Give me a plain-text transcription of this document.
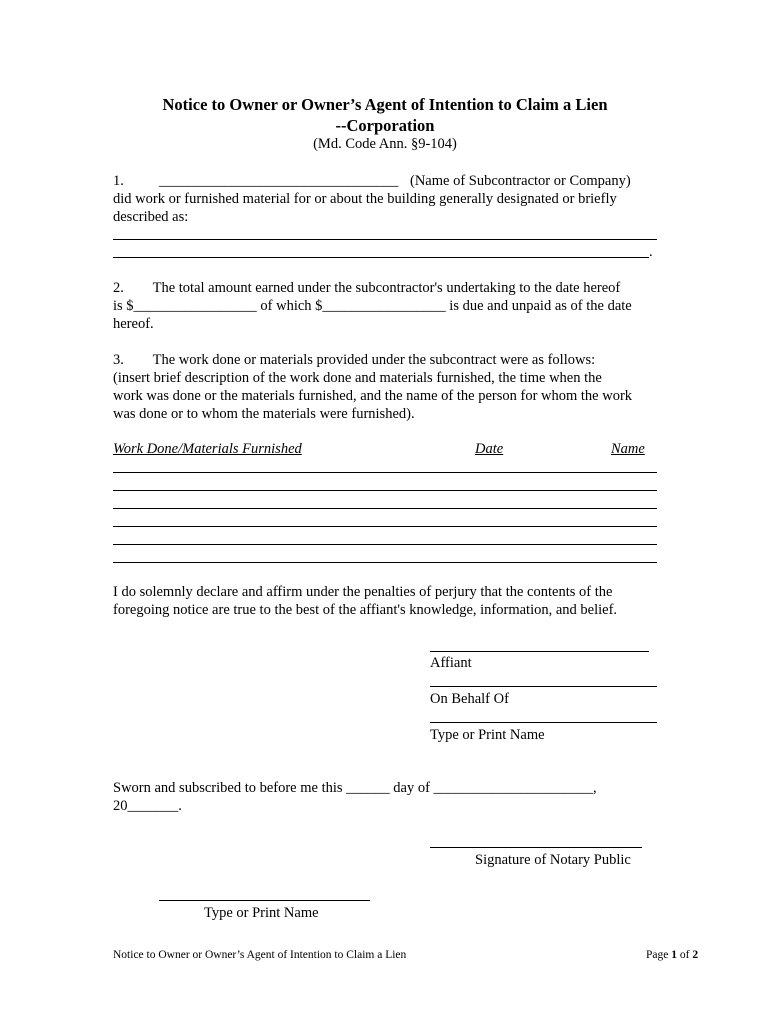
Notice to Owner or Owner’s Agent of Intention to Claim a Lien
--Corporation
(Md. Code Ann. §9-104)
1. _________________________________ (Name of Subcontractor or Company)
did work or furnished material for or about the building generally designated or briefly
described as:
.
2.        The total amount earned under the subcontractor's undertaking to the date hereof
is $_________________ of which $_________________ is due and unpaid as of the date
hereof.
3.        The work done or materials provided under the subcontract were as follows:
(insert brief description of the work done and materials furnished, the time when the
work was done or the materials furnished, and the name of the person for whom the work
was done or to whom the materials were furnished).
Work Done/Materials Furnished	Date	Name
I do solemnly declare and affirm under the penalties of perjury that the contents of the
foregoing notice are true to the best of the affiant's knowledge, information, and belief.
Affiant
On Behalf Of
Type or Print Name
Sworn and subscribed to before me this ______ day of ______________________,
20_______.
Signature of Notary Public
Type or Print Name
Notice to Owner or Owner’s Agent of Intention to Claim a Lien	Page 1 of 2
